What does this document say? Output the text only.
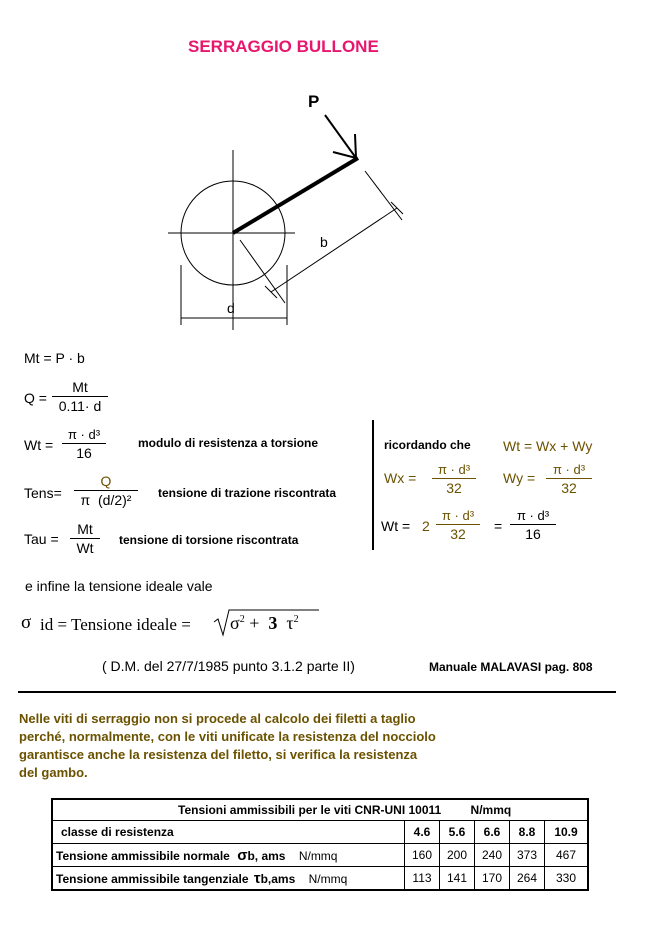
SERRAGGIO BULLONE
P
b
d
Mt = P · b
$Q = \frac{Mt}{0.11\cdot d}$
$Wt = \frac{\text{π · d³}}{16}$	modulo di resistenza a torsione
Tens= $\frac{Q}{\text{π (d/2)²}}$ tensione di trazione riscontrata
Tau = $\frac{Mt}{Wt}$ tensione di torsione riscontrata
ricordando che Wt = Wx + Wy
$Wx = \frac{\text{π · d³}}{32}$ $Wy = \frac{\text{π · d³}}{32}$
$Wt = 2 \frac{\text{π · d³}}{32} = \frac{\text{π · d³}}{16}$
e infine la tensione ideale vale
σ id = Tensione ideale = $\sigma^2 + 3$ $\tau^2$
( D.M. del 27/7/1985 punto 3.1.2 parte II)	Manuale MALAVASI pag. 808
Nelle viti di serraggio non si procede al calcolo dei filetti a taglio
perché, normalmente, con le viti unificate la resistenza del nocciolo
garantisce anche la resistenza del filetto, si verifica la resistenza
del gambo.
Tensioni ammissibili per le viti CNR-UNI 10011 N/mmq					
classe di resistenza	4.6	5.6	6.6	8.8	10.9
Tensione ammissibile normale σb, ams N/mmq	160	200	240	373	467
Tensione ammissibile tangenziale τb,ams N/mmq	113	141	170	264	330
